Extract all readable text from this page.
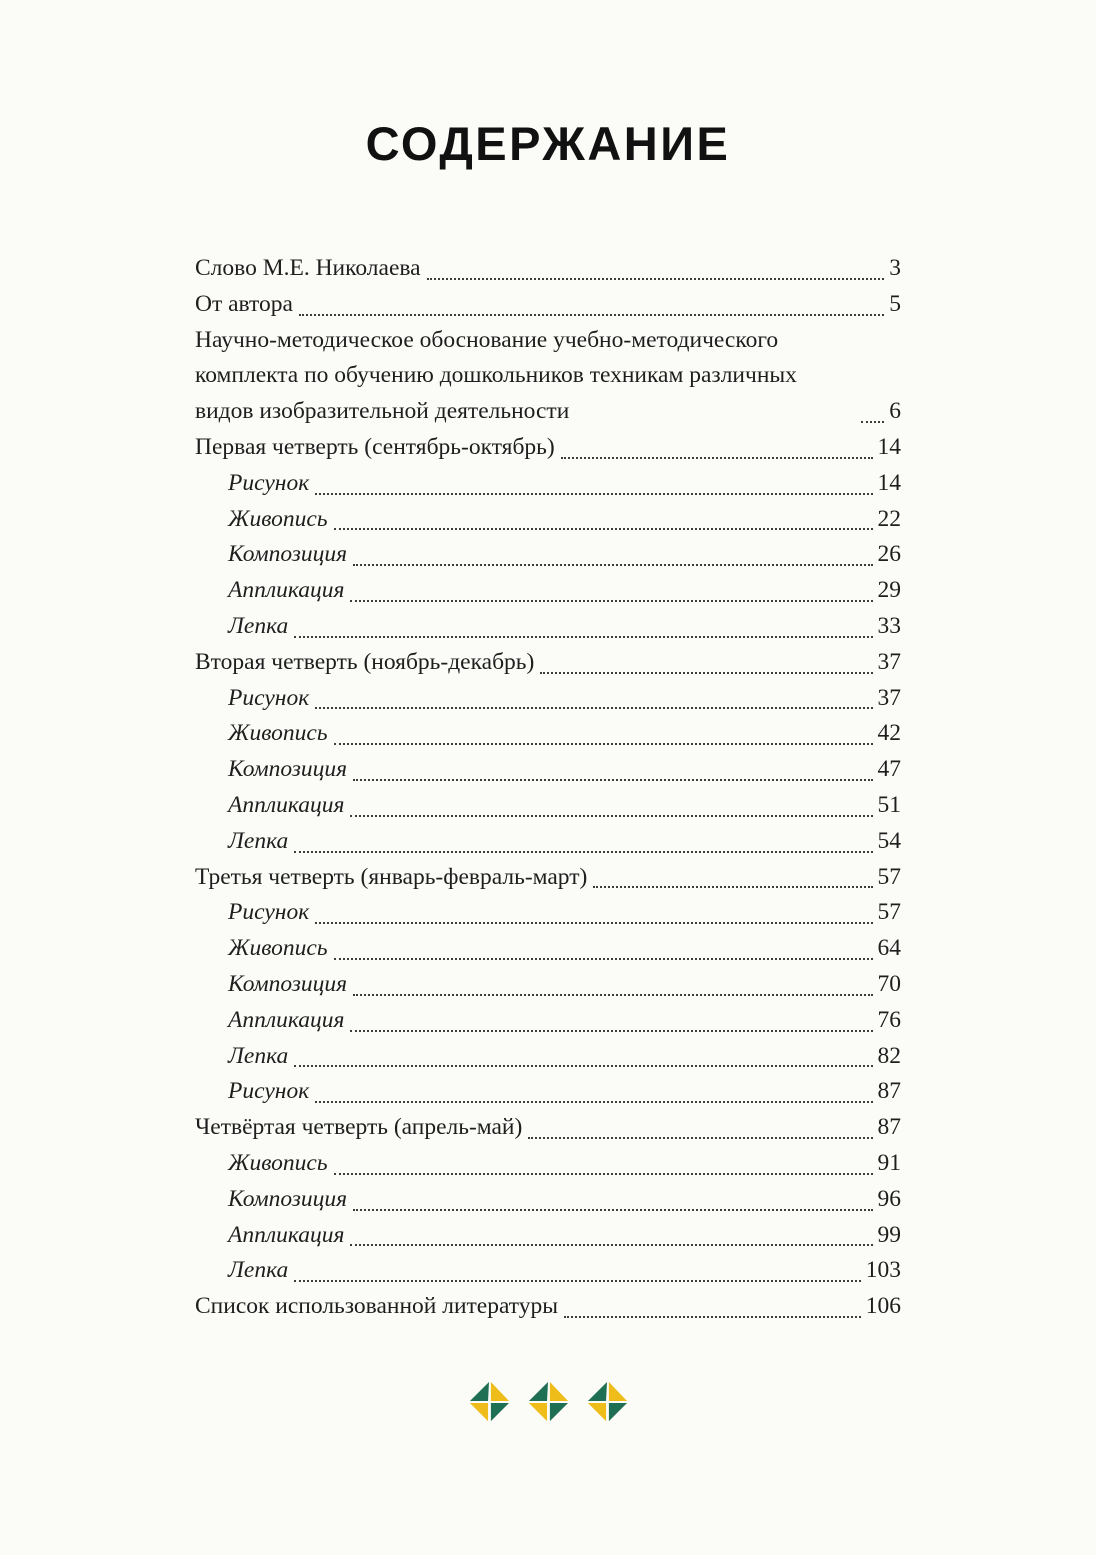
СОДЕРЖАНИЕ
Слово М.Е. Николаева	3
От автора	5
Научно-методическое обоснование учебно-методического комплекта по обучению дошкольников техникам различных видов изобразительной деятельности	6
Первая четверть (сентябрь-октябрь)	14
Рисунок	14
Живопись	22
Композиция	26
Аппликация	29
Лепка	33
Вторая четверть (ноябрь-декабрь)	37
Рисунок	37
Живопись	42
Композиция	47
Аппликация	51
Лепка	54
Третья четверть (январь-февраль-март)	57
Рисунок	57
Живопись	64
Композиция	70
Аппликация	76
Лепка	82
Рисунок	87
Четвёртая четверть (апрель-май)	87
Живопись	91
Композиция	96
Аппликация	99
Лепка	103
Список использованной литературы	106
